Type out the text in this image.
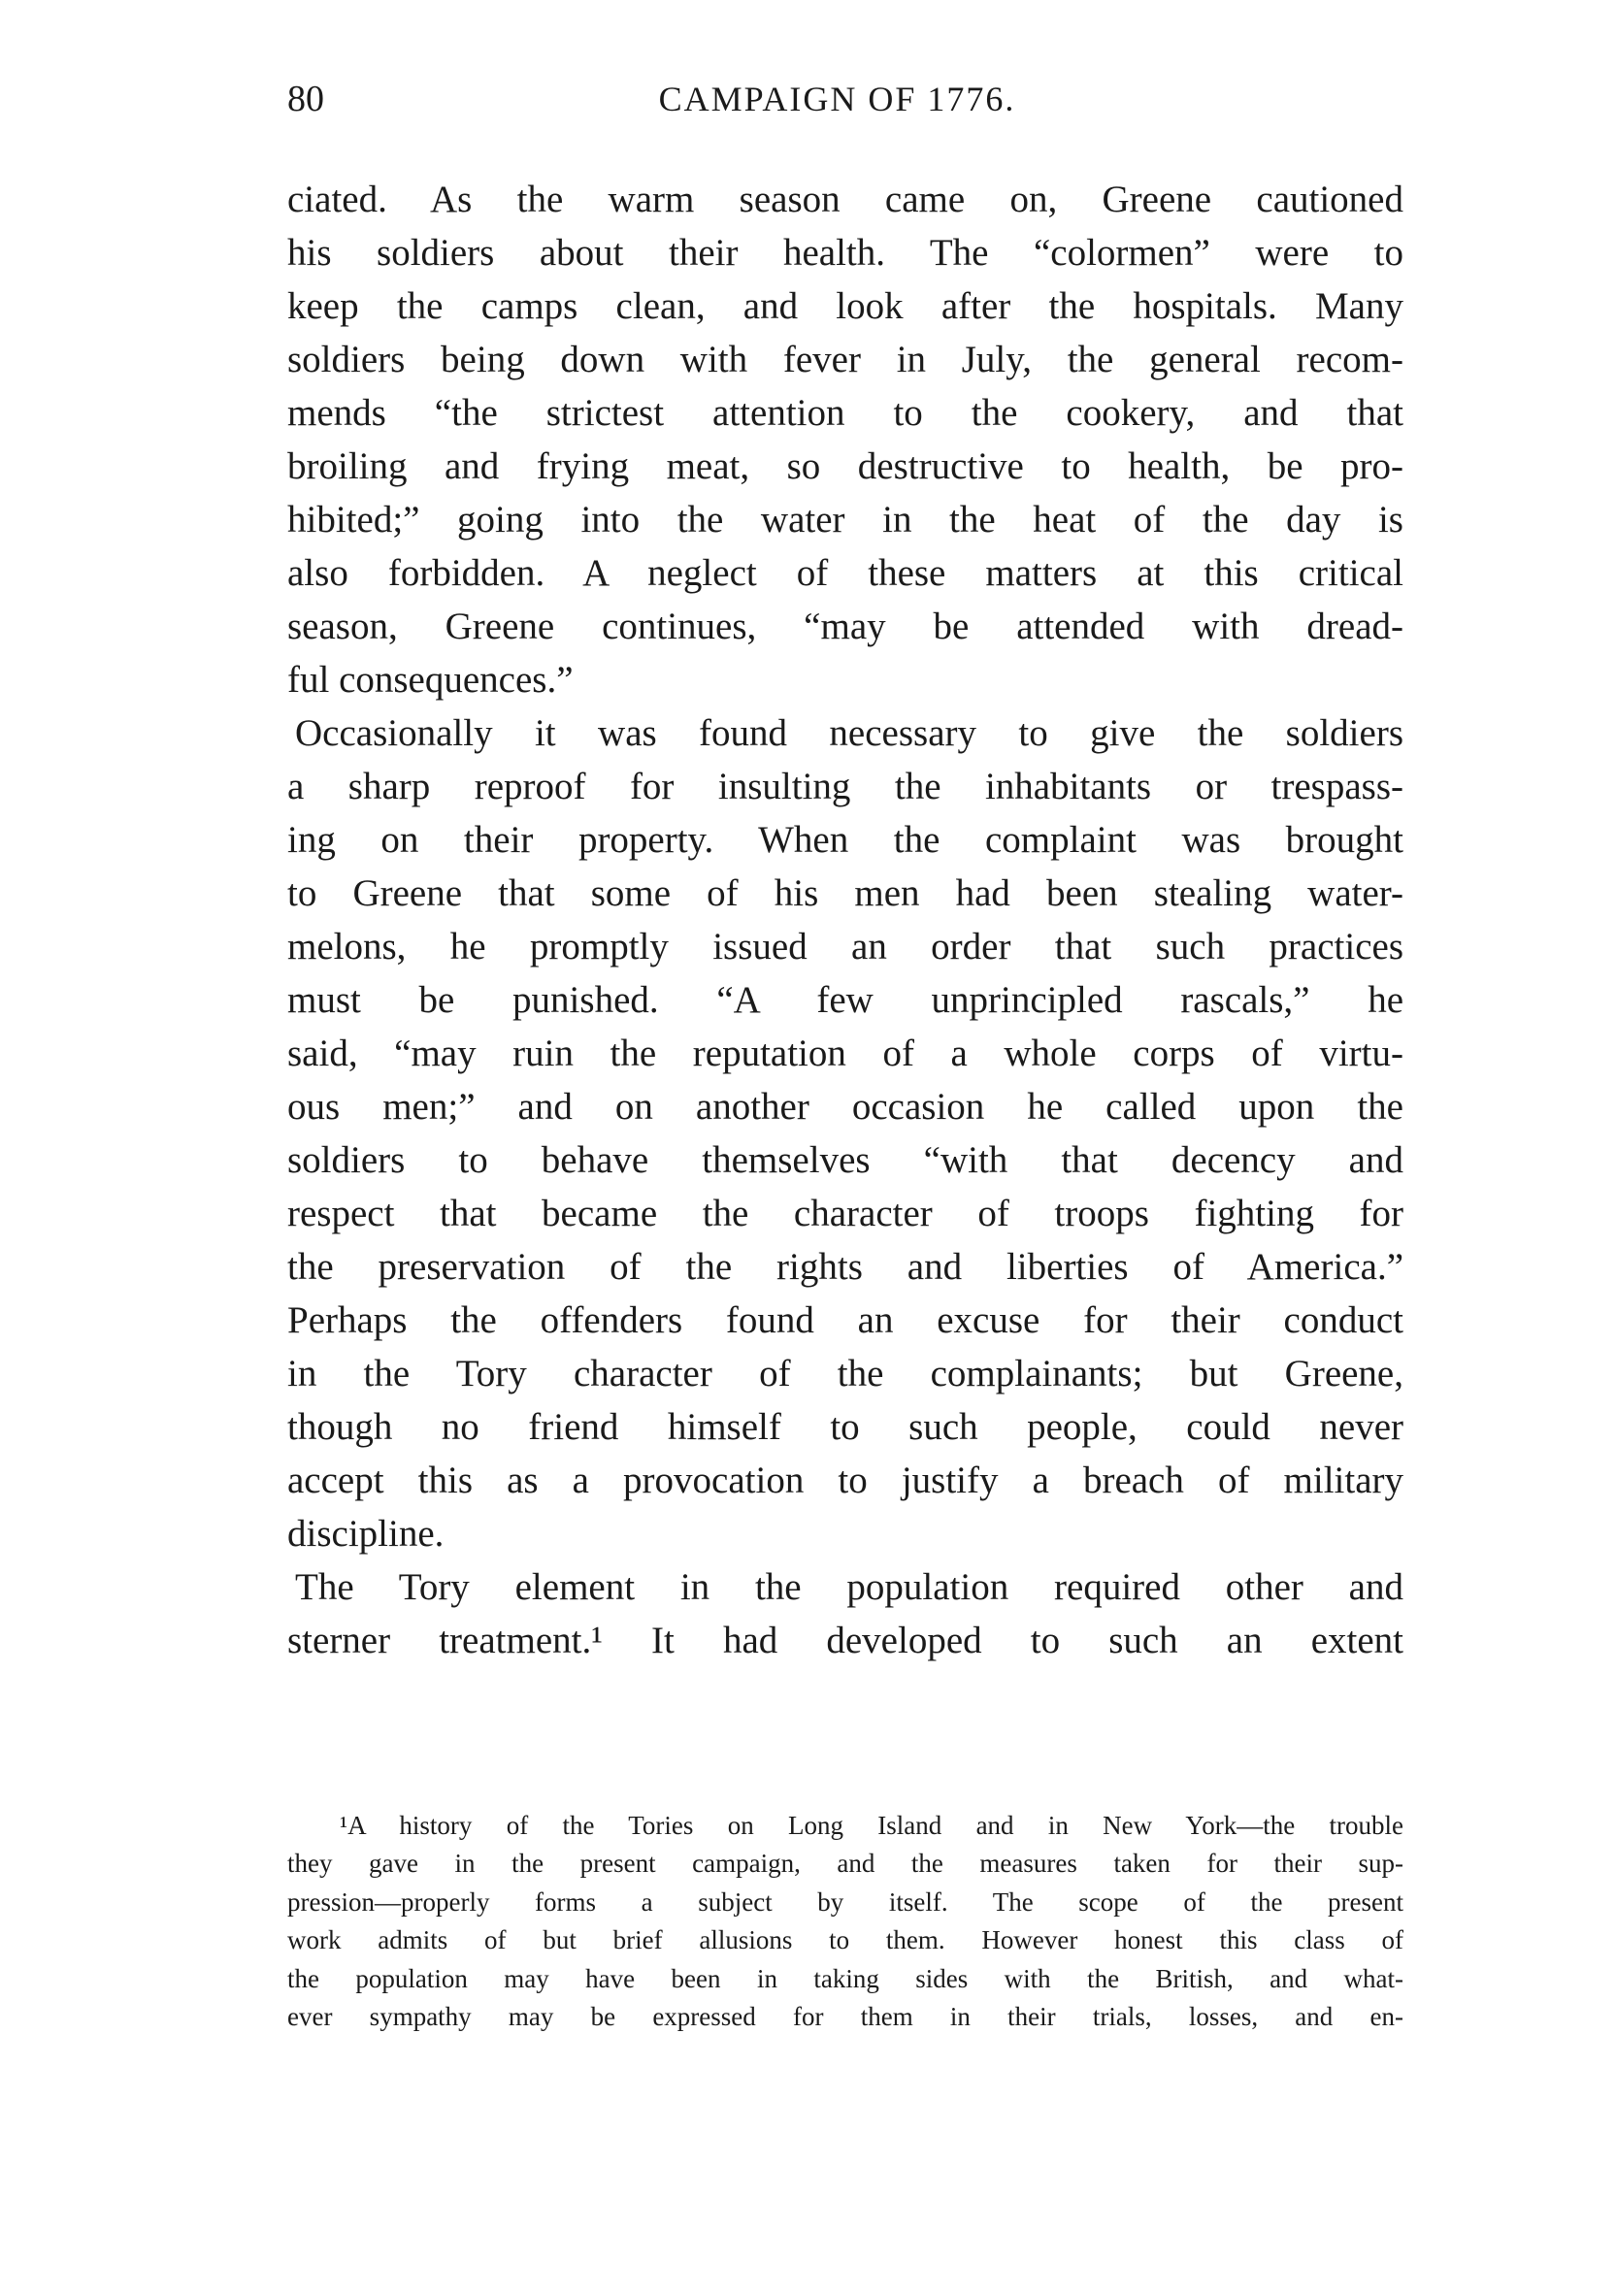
80	CAMPAIGN OF 1776.
ciated. As the warm season came on, Greene cautioned
his soldiers about their health. The “colormen” were to
keep the camps clean, and look after the hospitals. Many
soldiers being down with fever in July, the general recom-
mends “the strictest attention to the cookery, and that
broiling and frying meat, so destructive to health, be pro-
hibited;” going into the water in the heat of the day is
also forbidden. A neglect of these matters at this critical
season, Greene continues, “may be attended with dread-
ful consequences.”
Occasionally it was found necessary to give the soldiers
a sharp reproof for insulting the inhabitants or trespass-
ing on their property. When the complaint was brought
to Greene that some of his men had been stealing water-
melons, he promptly issued an order that such practices
must be punished. “A few unprincipled rascals,” he
said, “may ruin the reputation of a whole corps of virtu-
ous men;” and on another occasion he called upon the
soldiers to behave themselves “with that decency and
respect that became the character of troops fighting for
the preservation of the rights and liberties of America.”
Perhaps the offenders found an excuse for their conduct
in the Tory character of the complainants; but Greene,
though no friend himself to such people, could never
accept this as a provocation to justify a breach of military
discipline.
The Tory element in the population required other and
sterner treatment.¹ It had developed to such an extent
¹A history of the Tories on Long Island and in New York—the trouble
they gave in the present campaign, and the measures taken for their sup-
pression—properly forms a subject by itself. The scope of the present
work admits of but brief allusions to them. However honest this class of
the population may have been in taking sides with the British, and what-
ever sympathy may be expressed for them in their trials, losses, and en-
